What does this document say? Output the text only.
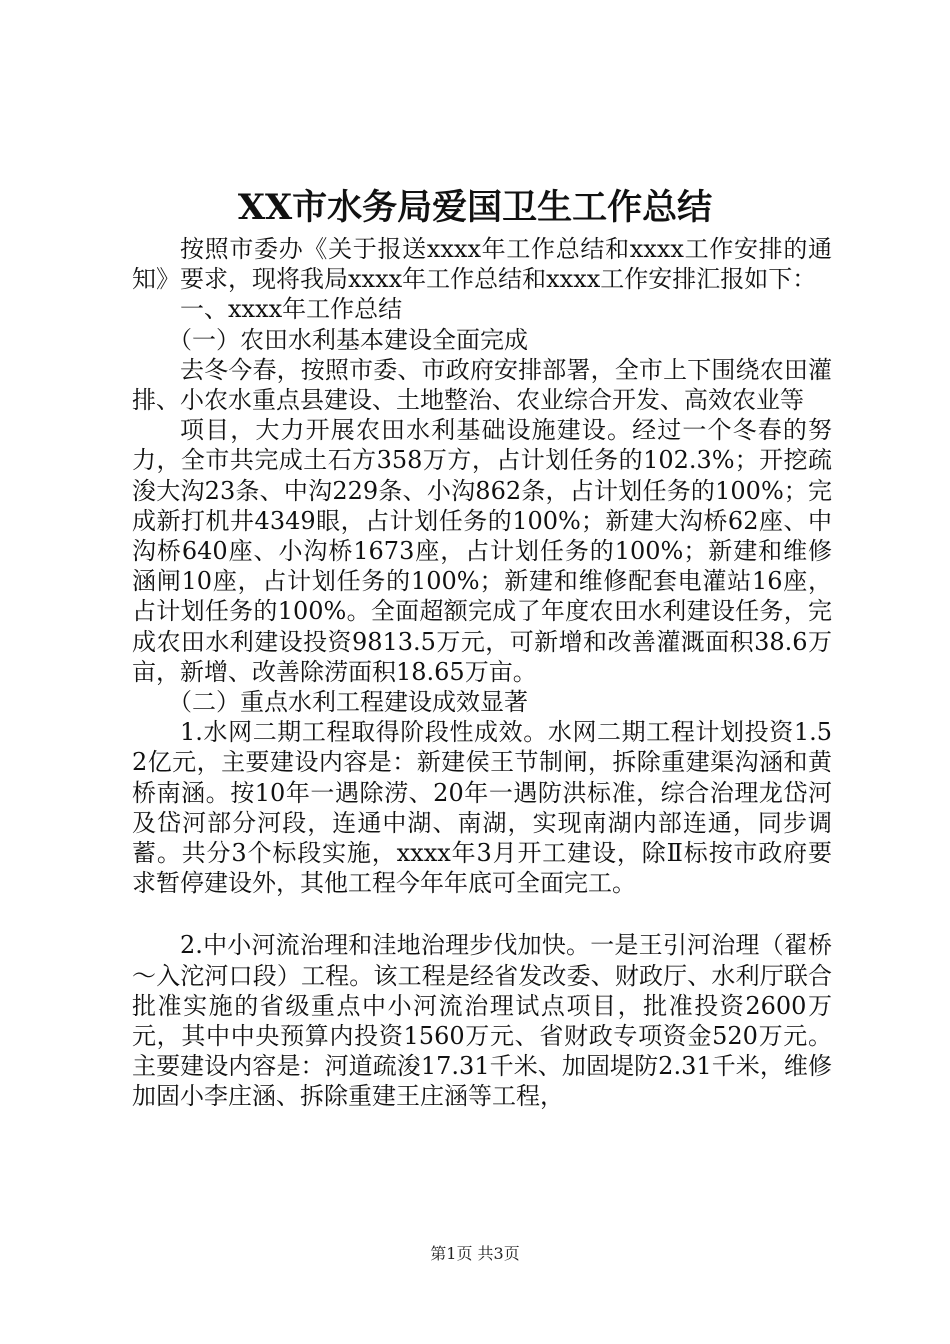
XX市水务局爱国卫生工作总结

按照市委办《关于报送xxxx年工作总结和xxxx工作安排的通知》要求，现将我局xxxx年工作总结和xxxx工作安排汇报如下：

一、xxxx年工作总结

（一）农田水利基本建设全面完成

去冬今春，按照市委、市政府安排部署，全市上下围绕农田灌排、小农水重点县建设、土地整治、农业综合开发、高效农业等

项目，大力开展农田水利基础设施建设。经过一个冬春的努力，全市共完成土石方358万方，占计划任务的102.3%；开挖疏浚大沟23条、中沟229条、小沟862条，占计划任务的100%；完成新打机井4349眼，占计划任务的100%；新建大沟桥62座、中沟桥640座、小沟桥1673座，占计划任务的100%；新建和维修涵闸10座，占计划任务的100%；新建和维修配套电灌站16座，占计划任务的100%。全面超额完成了年度农田水利建设任务，完成农田水利建设投资9813.5万元，可新增和改善灌溉面积38.6万亩，新增、改善除涝面积18.65万亩。

（二）重点水利工程建设成效显著

1.水网二期工程取得阶段性成效。水网二期工程计划投资1.52亿元，主要建设内容是：新建侯王节制闸，拆除重建渠沟涵和黄桥南涵。按10年一遇除涝、20年一遇防洪标准，综合治理龙岱河及岱河部分河段，连通中湖、南湖，实现南湖内部连通，同步调蓄。共分3个标段实施，xxxx年3月开工建设，除Ⅱ标按市政府要求暂停建设外，其他工程今年年底可全面完工。

2.中小河流治理和洼地治理步伐加快。一是王引河治理（翟桥～入沱河口段）工程。该工程是经省发改委、财政厅、水利厅联合批准实施的省级重点中小河流治理试点项目，批准投资2600万元，其中中央预算内投资1560万元、省财政专项资金520万元。主要建设内容是：河道疏浚17.31千米、加固堤防2.31千米，维修加固小李庄涵、拆除重建王庄涵等工程，

第1页 共3页
